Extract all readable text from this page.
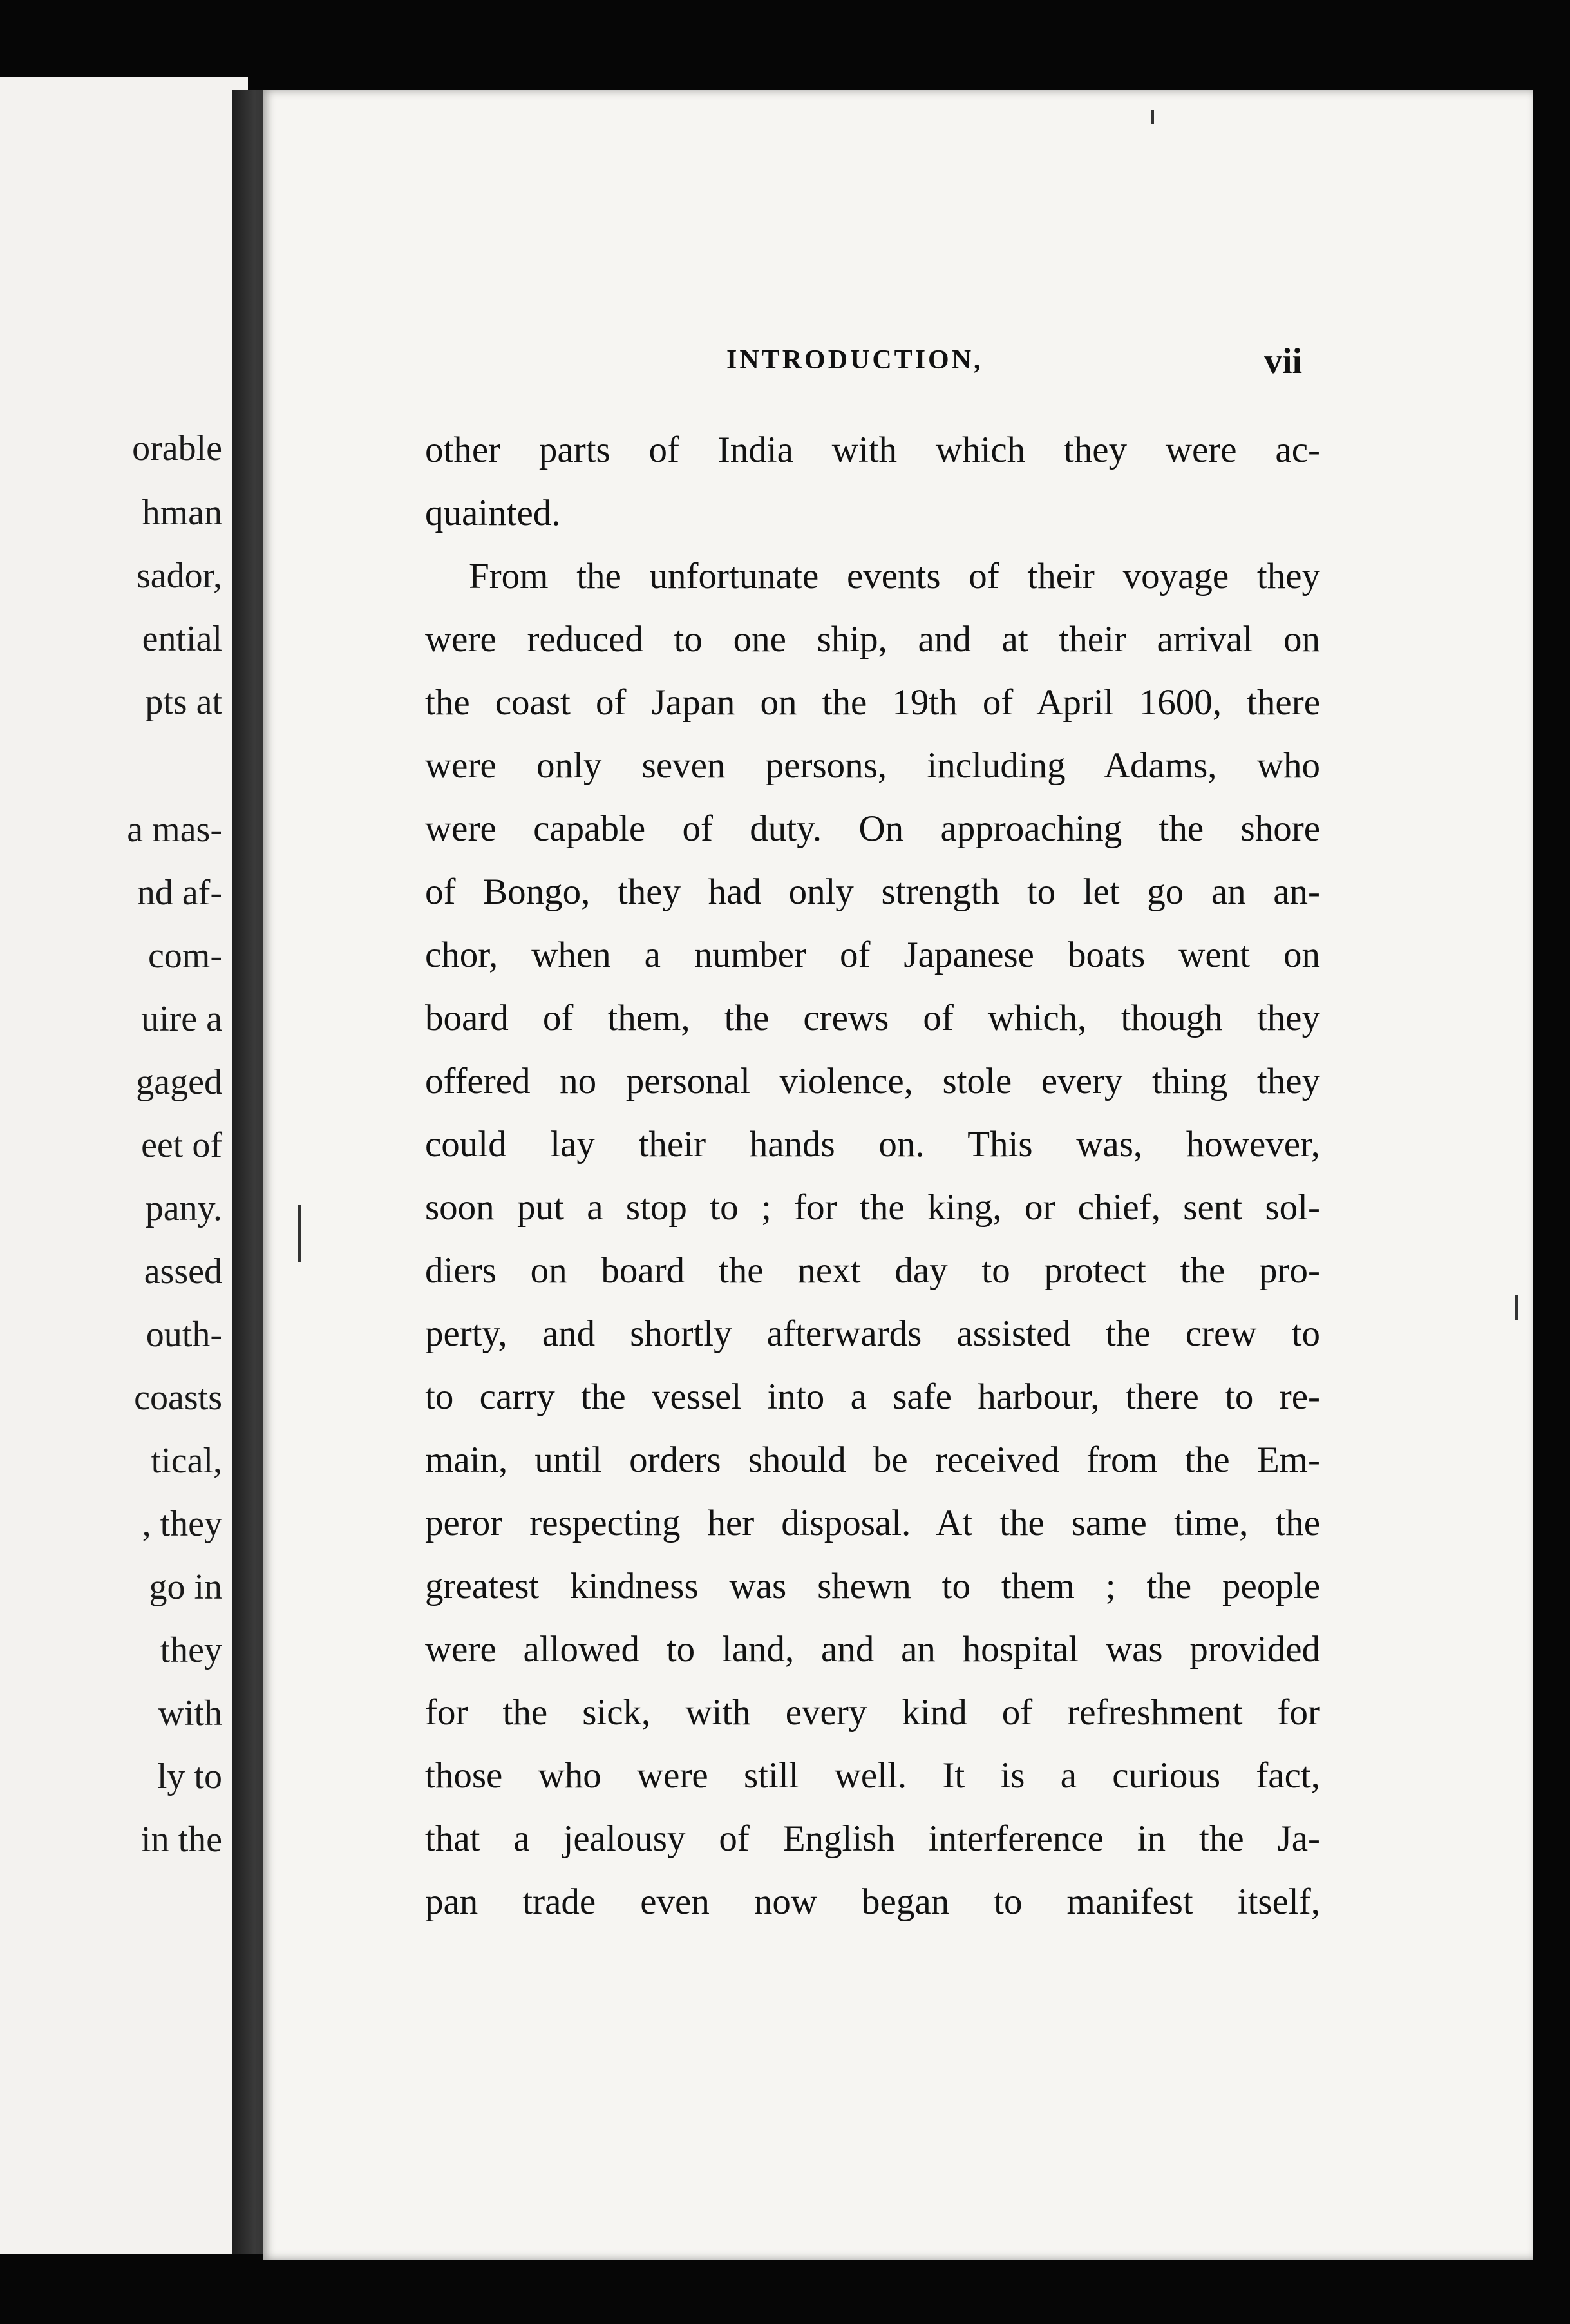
orable
hman
sador,
ential
pts at
a mas-
nd af-
com-
uire a
gaged
eet of
pany.
assed
outh-
coasts
tical,
, they
go in
they
with
ly to
in the
INTRODUCTION,	vii
other parts of India with which they were ac-
quainted.
From the unfortunate events of their voyage they
were reduced to one ship, and at their arrival on
the coast of Japan on the 19th of April 1600, there
were only seven persons, including Adams, who
were capable of duty. On approaching the shore
of Bongo, they had only strength to let go an an-
chor, when a number of Japanese boats went on
board of them, the crews of which, though they
offered no personal violence, stole every thing they
could lay their hands on. This was, however,
soon put a stop to ; for the king, or chief, sent sol-
diers on board the next day to protect the pro-
perty, and shortly afterwards assisted the crew to
to carry the vessel into a safe harbour, there to re-
main, until orders should be received from the Em-
peror respecting her disposal. At the same time, the
greatest kindness was shewn to them ; the people
were allowed to land, and an hospital was provided
for the sick, with every kind of refreshment for
those who were still well. It is a curious fact,
that a jealousy of English interference in the Ja-
pan trade even now began to manifest itself,
